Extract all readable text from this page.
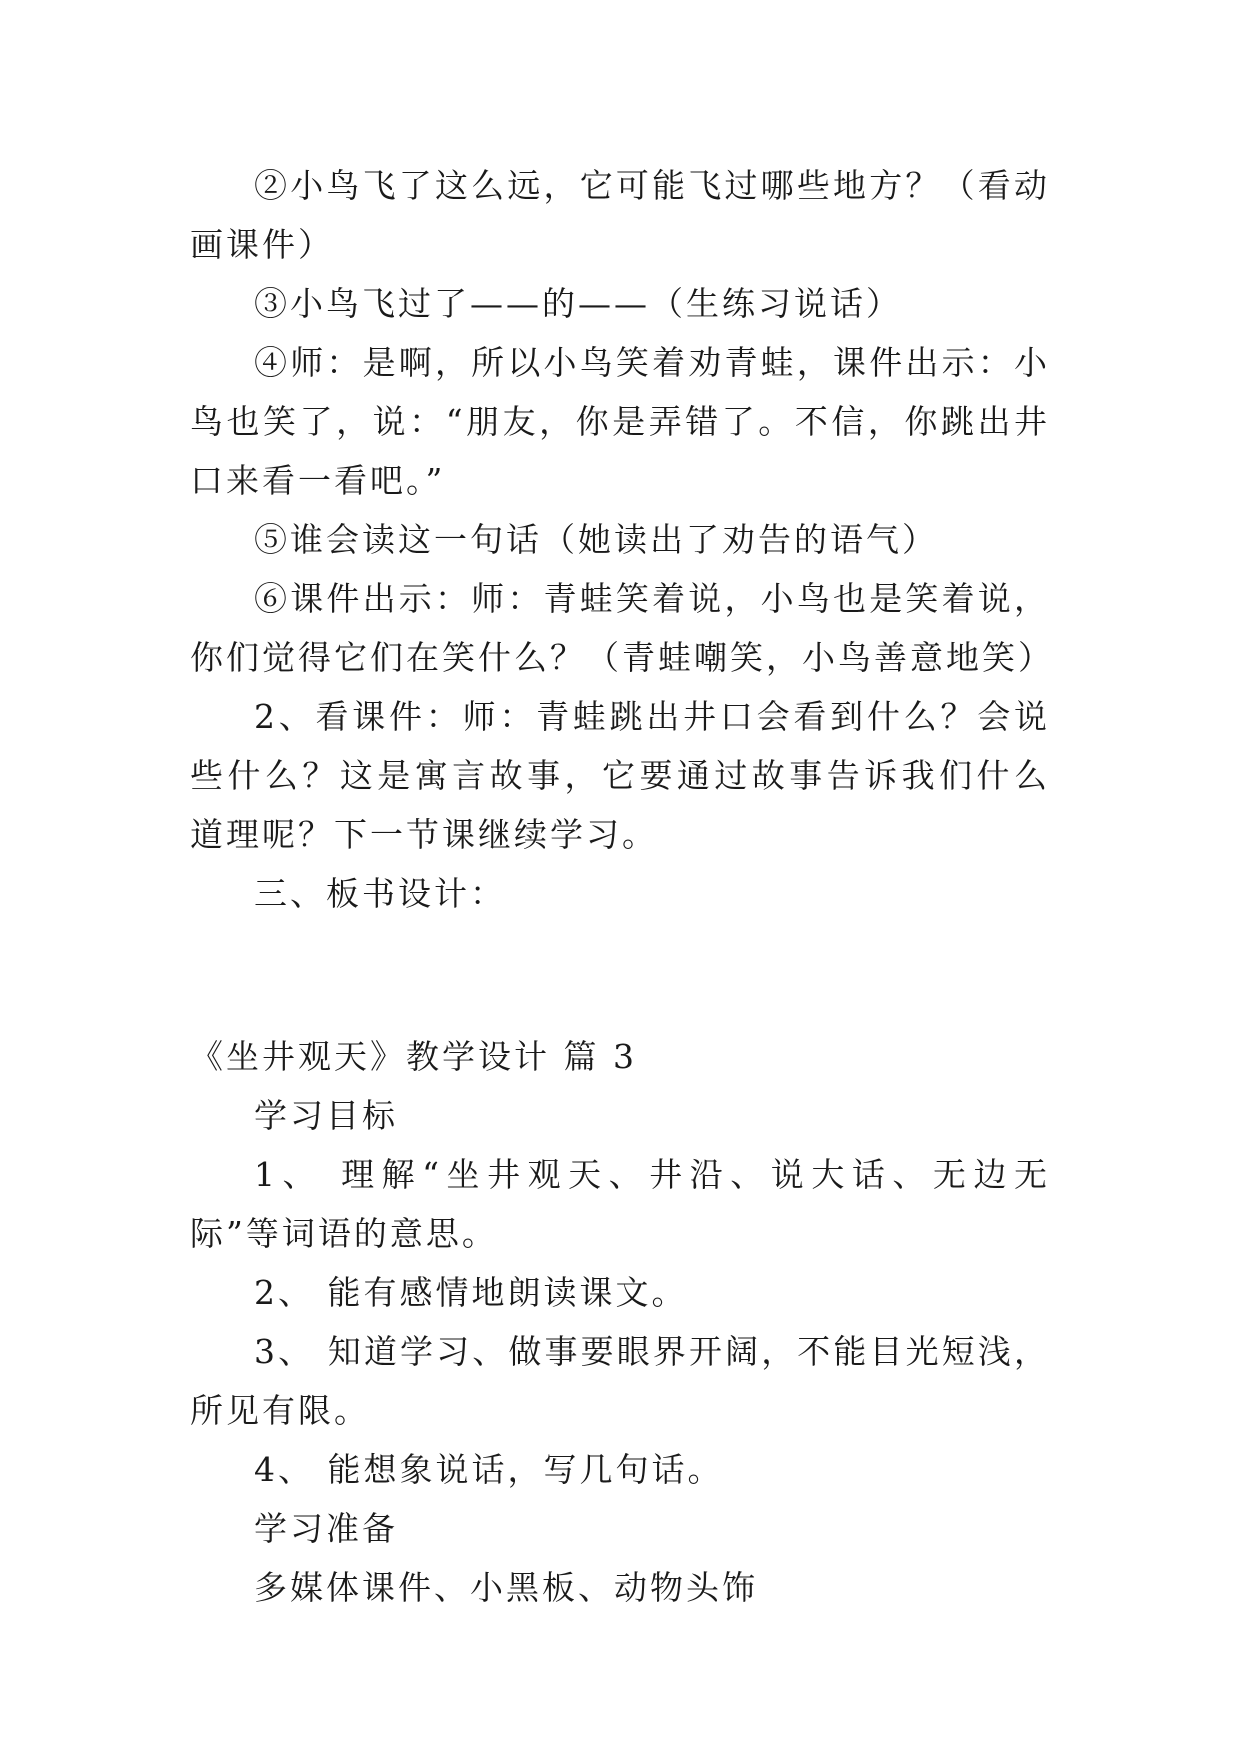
②小鸟飞了这么远，它可能飞过哪些地方？（看动画课件）

③小鸟飞过了——的——（生练习说话）

④师：是啊，所以小鸟笑着劝青蛙，课件出示：小鸟也笑了，说：“朋友，你是弄错了。不信，你跳出井口来看一看吧。”

⑤谁会读这一句话（她读出了劝告的语气）

⑥课件出示：师：青蛙笑着说，小鸟也是笑着说，你们觉得它们在笑什么？（青蛙嘲笑，小鸟善意地笑）

2、看课件：师：青蛙跳出井口会看到什么？会说些什么？这是寓言故事，它要通过故事告诉我们什么道理呢？下一节课继续学习。

三、板书设计：

《坐井观天》教学设计 篇 3

学习目标

1、 理解“坐井观天、井沿、说大话、无边无际”等词语的意思。

2、 能有感情地朗读课文。

3、 知道学习、做事要眼界开阔，不能目光短浅，所见有限。

4、 能想象说话，写几句话。

学习准备

多媒体课件、小黑板、动物头饰
